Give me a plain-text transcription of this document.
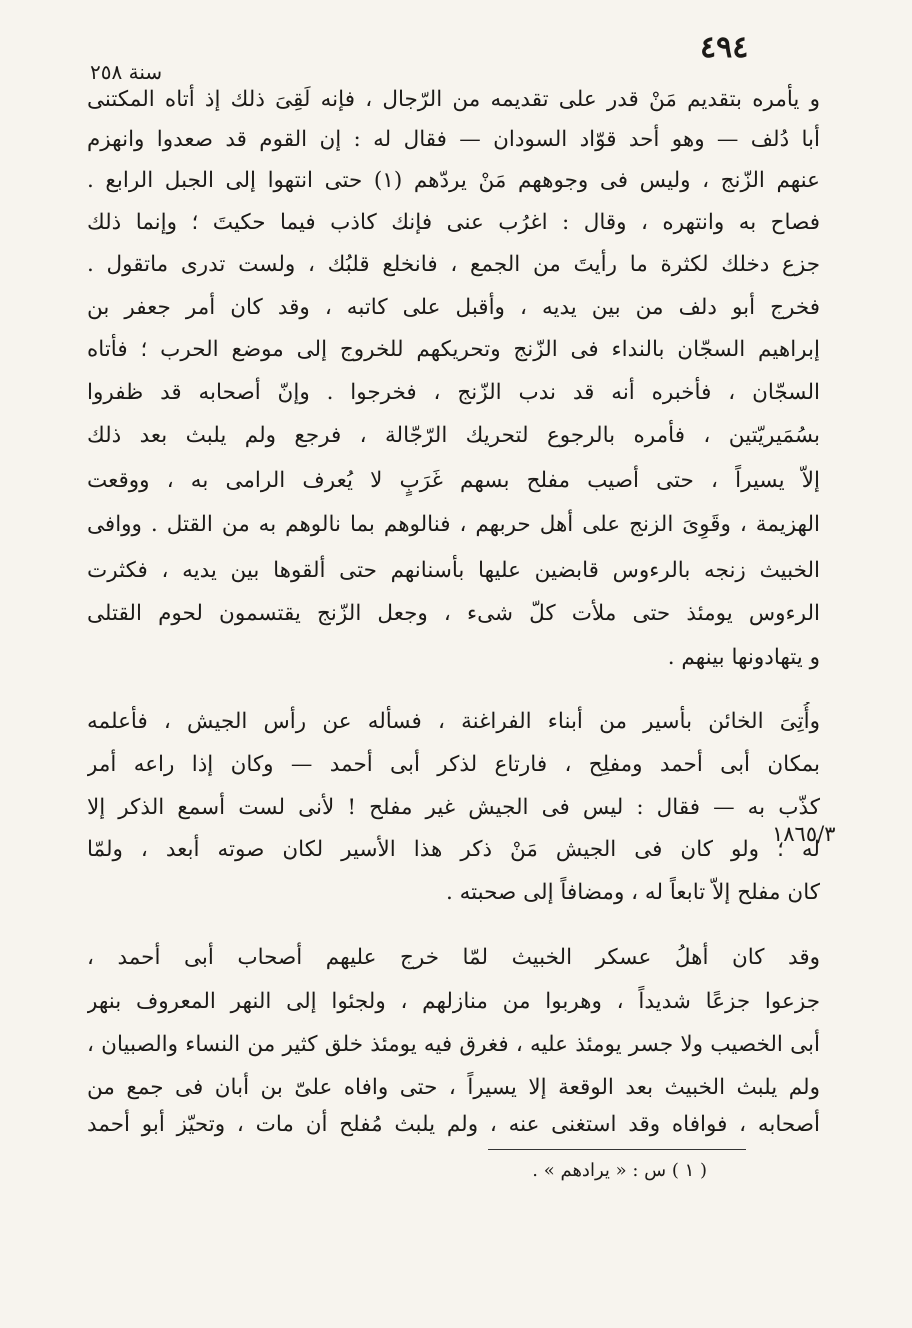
٤٩٤
سنة ٢٥٨
١٨٦٥/٣
و يأمره بتقديم مَنْ قدر على تقديمه من الرّجال ، فإنه لَقِىَ ذلك إذ أتاه المكتنى
أبا دُلف — وهو أحد قوّاد السودان — فقال له : إن القوم قد صعدوا وانهزم
عنهم الزّنج ، وليس فى وجوههم مَنْ يردّهم (١) حتى انتهوا إلى الجبل الرابع .
فصاح به وانتهره ، وقال : اغرُب عنى فإنك كاذب فيما حكيتَ ؛ وإنما ذلك
جزع دخلك لكثرة ما رأيتَ من الجمع ، فانخلع قلبُك ، ولست تدرى ماتقول .
فخرج أبو دلف من بين يديه ، وأقبل على كاتبه ، وقد كان أمر جعفر بن
إبراهيم السجّان بالنداء فى الزّنج وتحريكهم للخروج إلى موضع الحرب ؛ فأتاه
السجّان ، فأخبره أنه قد ندب الزّنج ، فخرجوا . وإنّ أصحابه قد ظفروا
بسُمَيريّتين ، فأمره بالرجوع لتحريك الرّجّالة ، فرجع ولم يلبث بعد ذلك
إلاّ يسيراً ، حتى أصيب مفلح بسهم غَرَبٍ لا يُعرف الرامى به ، ووقعت
الهزيمة ، وقَوِىَ الزنج على أهل حربهم ، فنالوهم بما نالوهم به من القتل . ووافى
الخبيث زنجه بالرءوس قابضين عليها بأسنانهم حتى ألقوها بين يديه ، فكثرت
الرءوس يومئذ حتى ملأت كلّ شىء ، وجعل الزّنج يقتسمون لحوم القتلى
و يتهادونها بينهم .
وأُتِىَ الخائن بأسير من أبناء الفراغنة ، فسأله عن رأس الجيش ، فأعلمه
بمكان أبى أحمد ومفلِح ، فارتاع لذكر أبى أحمد — وكان إذا راعه أمر
كذّب به — فقال : ليس فى الجيش غير مفلح ! لأنى لست أسمع الذكر إلا
له ؛ ولو كان فى الجيش مَنْ ذكر هذا الأسير لكان صوته أبعد ، ولمّا
كان مفلح إلاّ تابعاً له ، ومضافاً إلى صحبته .
وقد كان أهلُ عسكر الخبيث لمّا خرج عليهم أصحاب أبى أحمد ،
جزعوا جزعًا شديداً ، وهربوا من منازلهم ، ولجئوا إلى النهر المعروف بنهر
أبى الخصيب ولا جسر يومئذ عليه ، فغرق فيه يومئذ خلق كثير من النساء والصبيان ،
ولم يلبث الخبيث بعد الوقعة إلا يسيراً ، حتى وافاه علىّ بن أبان فى جمع من
أصحابه ، فوافاه وقد استغنى عنه ، ولم يلبث مُفلح أن مات ، وتحيّز أبو أحمد
( ١ ) س : « يرادهم » .
